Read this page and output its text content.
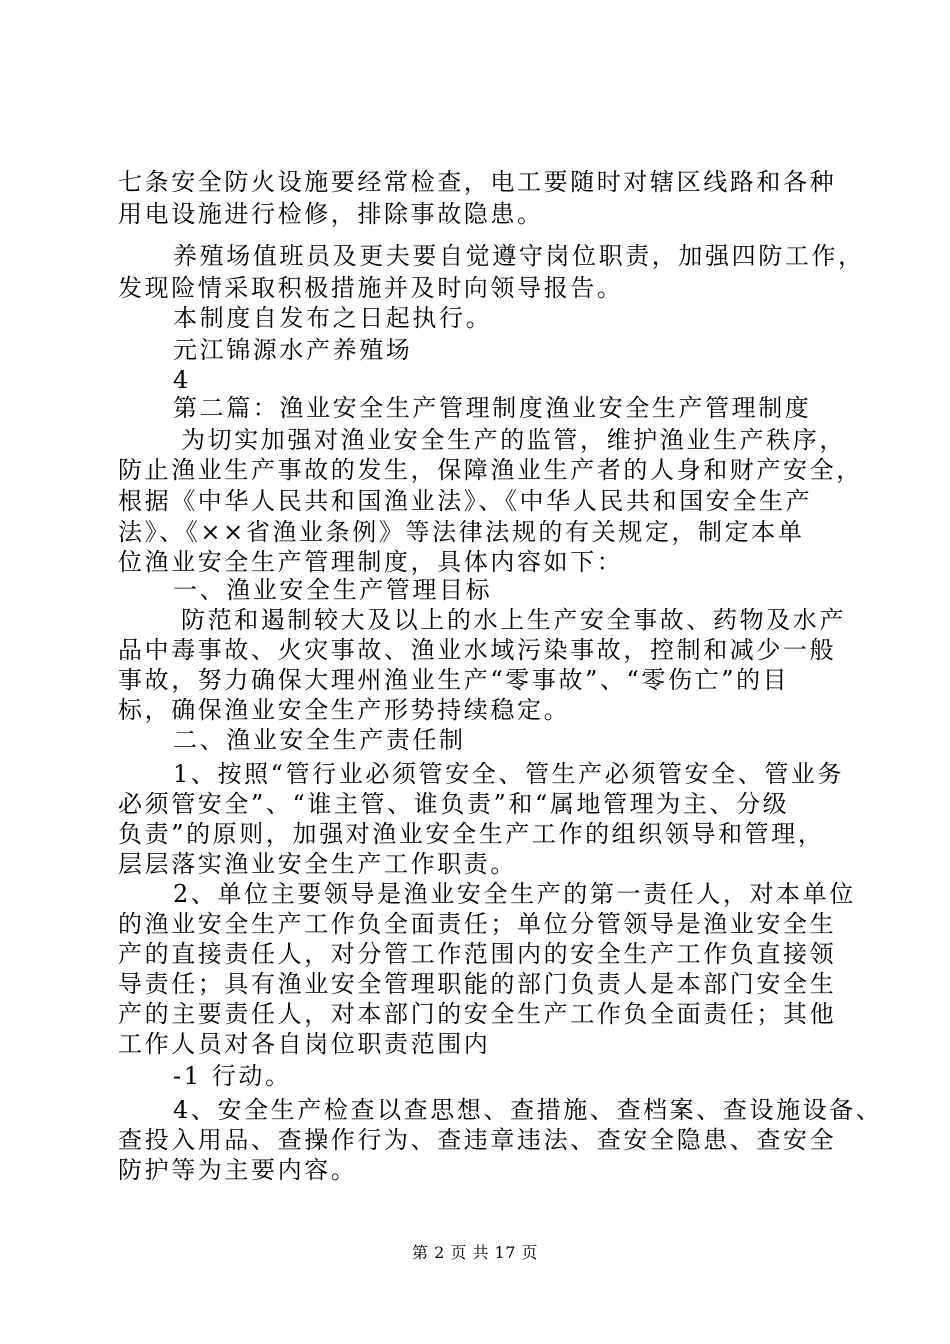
七条安全防火设施要经常检查，电工要随时对辖区线路和各种
用电设施进行检修，排除事故隐患。
养殖场值班员及更夫要自觉遵守岗位职责，加强四防工作，
发现险情采取积极措施并及时向领导报告。
本制度自发布之日起执行。
元江锦源水产养殖场
4
第二篇：渔业安全生产管理制度渔业安全生产管理制度
为切实加强对渔业安全生产的监管，维护渔业生产秩序，
防止渔业生产事故的发生，保障渔业生产者的人身和财产安全，
根据《中华人民共和国渔业法》、《中华人民共和国安全生产
法》、《××省渔业条例》等法律法规的有关规定，制定本单
位渔业安全生产管理制度，具体内容如下：
一、渔业安全生产管理目标
防范和遏制较大及以上的水上生产安全事故、药物及水产
品中毒事故、火灾事故、渔业水域污染事故，控制和减少一般
事故，努力确保大理州渔业生产“零事故”、“零伤亡”的目
标，确保渔业安全生产形势持续稳定。
二、渔业安全生产责任制
1、按照“管行业必须管安全、管生产必须管安全、管业务
必须管安全”、“谁主管、谁负责”和“属地管理为主、分级
负责”的原则，加强对渔业安全生产工作的组织领导和管理，
层层落实渔业安全生产工作职责。
2、单位主要领导是渔业安全生产的第一责任人，对本单位
的渔业安全生产工作负全面责任；单位分管领导是渔业安全生
产的直接责任人，对分管工作范围内的安全生产工作负直接领
导责任；具有渔业安全管理职能的部门负责人是本部门安全生
产的主要责任人，对本部门的安全生产工作负全面责任；其他
工作人员对各自岗位职责范围内
-1 行动。
4、安全生产检查以查思想、查措施、查档案、查设施设备、
查投入用品、查操作行为、查违章违法、查安全隐患、查安全
防护等为主要内容。
第 2 页 共 17 页
